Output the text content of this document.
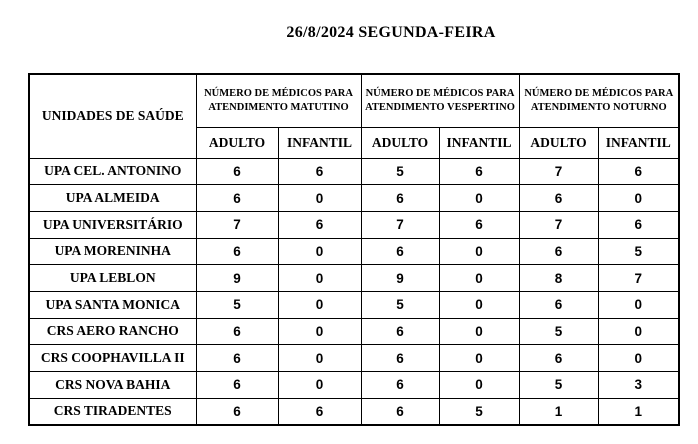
26/8/2024 SEGUNDA-FEIRA
UNIDADES DE SAÚDE	NÚMERO DE MÉDICOS PARA ATENDIMENTO MATUTINO		NÚMERO DE MÉDICOS PARA ATENDIMENTO VESPERTINO		NÚMERO DE MÉDICOS PARA ATENDIMENTO NOTURNO	
	ADULTO	INFANTIL	ADULTO	INFANTIL	ADULTO	INFANTIL
UPA CEL. ANTONINO	6	6	5	6	7	6
UPA ALMEIDA	6	0	6	0	6	0
UPA UNIVERSITÁRIO	7	6	7	6	7	6
UPA MORENINHA	6	0	6	0	6	5
UPA LEBLON	9	0	9	0	8	7
UPA SANTA MONICA	5	0	5	0	6	0
CRS AERO RANCHO	6	0	6	0	5	0
CRS COOPHAVILLA II	6	0	6	0	6	0
CRS NOVA BAHIA	6	0	6	0	5	3
CRS TIRADENTES	6	6	6	5	1	1
